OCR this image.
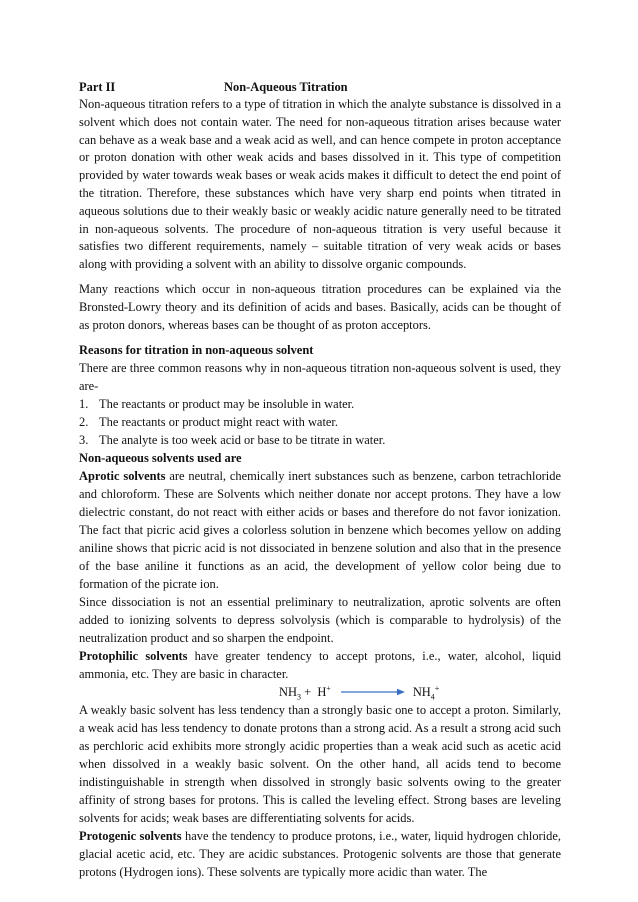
Part II	Non-Aqueous Titration

Non-aqueous titration refers to a type of titration in which the analyte substance is dissolved in a solvent which does not contain water. The need for non-aqueous titration arises because water can behave as a weak base and a weak acid as well, and can hence compete in proton acceptance or proton donation with other weak acids and bases dissolved in it. This type of competition provided by water towards weak bases or weak acids makes it difficult to detect the end point of the titration. Therefore, these substances which have very sharp end points when titrated in aqueous solutions due to their weakly basic or weakly acidic nature generally need to be titrated in non-aqueous solvents. The procedure of non-aqueous titration is very useful because it satisfies two different requirements, namely – suitable titration of very weak acids or bases along with providing a solvent with an ability to dissolve organic compounds.

Many reactions which occur in non-aqueous titration procedures can be explained via the Bronsted-Lowry theory and its definition of acids and bases. Basically, acids can be thought of as proton donors, whereas bases can be thought of as proton acceptors.

Reasons for titration in non-aqueous solvent

There are three common reasons why in non-aqueous titration non-aqueous solvent is used, they are-

1. The reactants or product may be insoluble in water.
2. The reactants or product might react with water.
3. The analyte is too week acid or base to be titrate in water.

Non-aqueous solvents used are

Aprotic solvents are neutral, chemically inert substances such as benzene, carbon tetrachloride and chloroform. These are Solvents which neither donate nor accept protons. They have a low dielectric constant, do not react with either acids or bases and therefore do not favor ionization. The fact that picric acid gives a colorless solution in benzene which becomes yellow on adding aniline shows that picric acid is not dissociated in benzene solution and also that in the presence of the base aniline it functions as an acid, the development of yellow color being due to formation of the picrate ion.

Since dissociation is not an essential preliminary to neutralization, aprotic solvents are often added to ionizing solvents to depress solvolysis (which is comparable to hydrolysis) of the neutralization product and so sharpen the endpoint.

Protophilic solvents have greater tendency to accept protons, i.e., water, alcohol, liquid ammonia, etc. They are basic in character.

$NH_3 + H^+$	$NH_4^+$

A weakly basic solvent has less tendency than a strongly basic one to accept a proton. Similarly, a weak acid has less tendency to donate protons than a strong acid. As a result a strong acid such as perchloric acid exhibits more strongly acidic properties than a weak acid such as acetic acid when dissolved in a weakly basic solvent. On the other hand, all acids tend to become indistinguishable in strength when dissolved in strongly basic solvents owing to the greater affinity of strong bases for protons. This is called the leveling effect. Strong bases are leveling solvents for acids; weak bases are differentiating solvents for acids.

Protogenic solvents have the tendency to produce protons, i.e., water, liquid hydrogen chloride, glacial acetic acid, etc. They are acidic substances. Protogenic solvents are those that generate protons (Hydrogen ions). These solvents are typically more acidic than water. The
